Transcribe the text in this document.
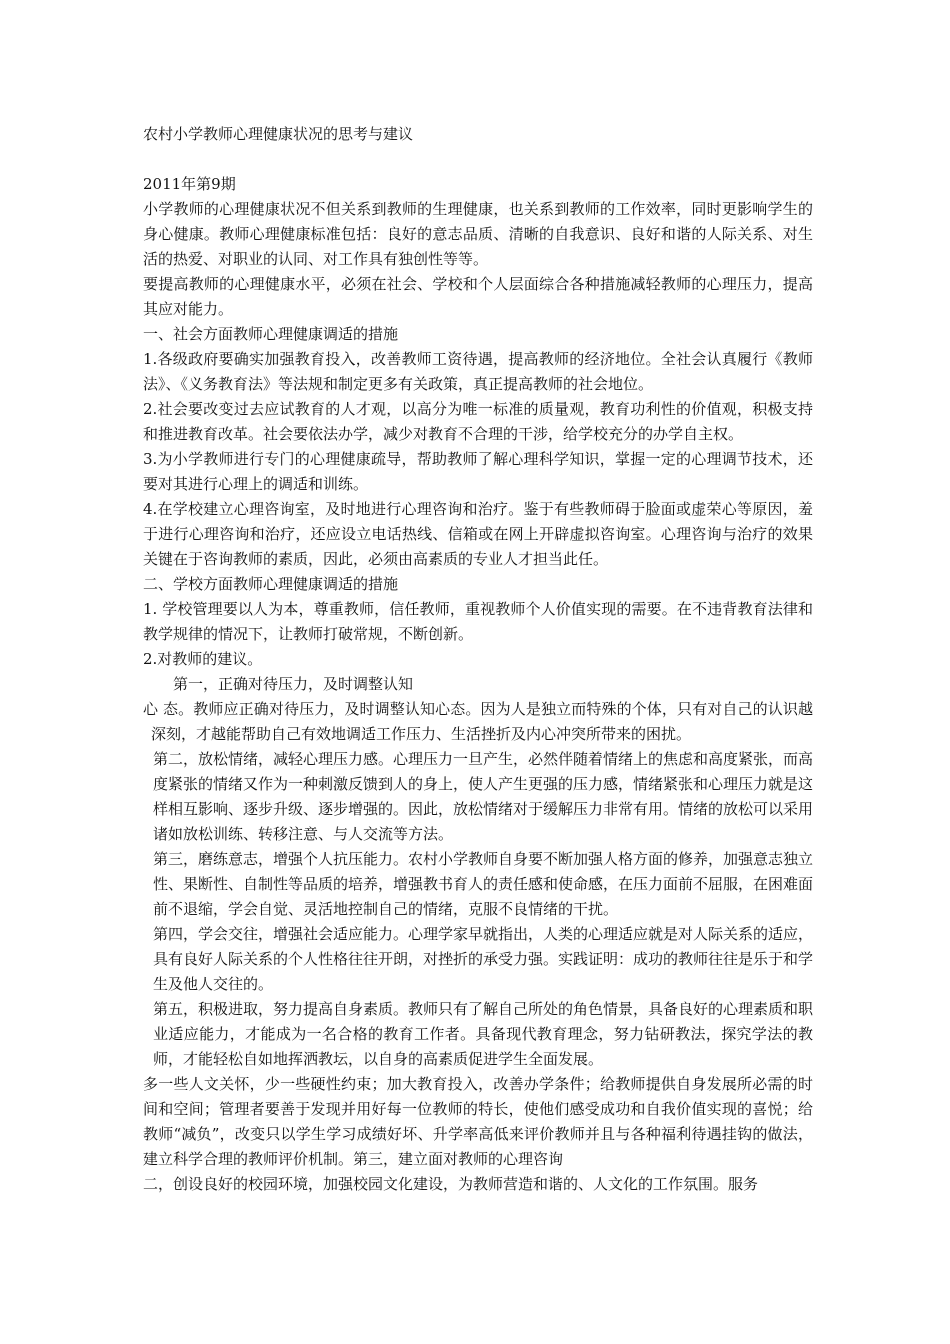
农村小学教师心理健康状况的思考与建议

2011年第9期

小学教师的心理健康状况不但关系到教师的生理健康，也关系到教师的工作效率，同时更影响学生的身心健康。教师心理健康标准包括：良好的意志品质、清晰的自我意识、良好和谐的人际关系、对生活的热爱、对职业的认同、对工作具有独创性等等。

要提高教师的心理健康水平，必须在社会、学校和个人层面综合各种措施减轻教师的心理压力，提高其应对能力。

一、社会方面教师心理健康调适的措施

1.各级政府要确实加强教育投入，改善教师工资待遇，提高教师的经济地位。全社会认真履行《教师法》、《义务教育法》等法规和制定更多有关政策，真正提高教师的社会地位。

2.社会要改变过去应试教育的人才观，以高分为唯一标准的质量观，教育功利性的价值观，积极支持和推进教育改革。社会要依法办学，减少对教育不合理的干涉，给学校充分的办学自主权。

3.为小学教师进行专门的心理健康疏导，帮助教师了解心理科学知识，掌握一定的心理调节技术，还要对其进行心理上的调适和训练。

4.在学校建立心理咨询室，及时地进行心理咨询和治疗。鉴于有些教师碍于脸面或虚荣心等原因，羞于进行心理咨询和治疗，还应设立电话热线、信箱或在网上开辟虚拟咨询室。心理咨询与治疗的效果关键在于咨询教师的素质，因此，必须由高素质的专业人才担当此任。

二、学校方面教师心理健康调适的措施

1. 学校管理要以人为本，尊重教师，信任教师，重视教师个人价值实现的需要。在不违背教育法律和教学规律的情况下，让教师打破常规，不断创新。

2.对教师的建议。

第一，正确对待压力，及时调整认知

心 态。教师应正确对待压力，及时调整认知心态。因为人是独立而特殊的个体，只有对自己的认识越深刻，才越能帮助自己有效地调适工作压力、生活挫折及内心冲突所带来的困扰。

第二，放松情绪，减轻心理压力感。心理压力一旦产生，必然伴随着情绪上的焦虑和高度紧张，而高度紧张的情绪又作为一种刺激反馈到人的身上，使人产生更强的压力感，情绪紧张和心理压力就是这样相互影响、逐步升级、逐步增强的。因此，放松情绪对于缓解压力非常有用。情绪的放松可以采用诸如放松训练、转移注意、与人交流等方法。

第三，磨练意志，增强个人抗压能力。农村小学教师自身要不断加强人格方面的修养，加强意志独立性、果断性、自制性等品质的培养，增强教书育人的责任感和使命感，在压力面前不屈服，在困难面前不退缩，学会自觉、灵活地控制自己的情绪，克服不良情绪的干扰。

第四，学会交往，增强社会适应能力。心理学家早就指出，人类的心理适应就是对人际关系的适应，具有良好人际关系的个人性格往往开朗，对挫折的承受力强。实践证明：成功的教师往往是乐于和学生及他人交往的。

第五，积极进取，努力提高自身素质。教师只有了解自己所处的角色情景，具备良好的心理素质和职业适应能力，才能成为一名合格的教育工作者。具备现代教育理念，努力钻研教法，探究学法的教师，才能轻松自如地挥洒教坛，以自身的高素质促进学生全面发展。

多一些人文关怀，少一些硬性约束；加大教育投入，改善办学条件；给教师提供自身发展所必需的时间和空间；管理者要善于发现并用好每一位教师的特长，使他们感受成功和自我价值实现的喜悦；给教师“减负”，改变只以学生学习成绩好坏、升学率高低来评价教师并且与各种福利待遇挂钩的做法，建立科学合理的教师评价机制。第三，建立面对教师的心理咨询

二，创设良好的校园环境，加强校园文化建设，为教师营造和谐的、人文化的工作氛围。服务
